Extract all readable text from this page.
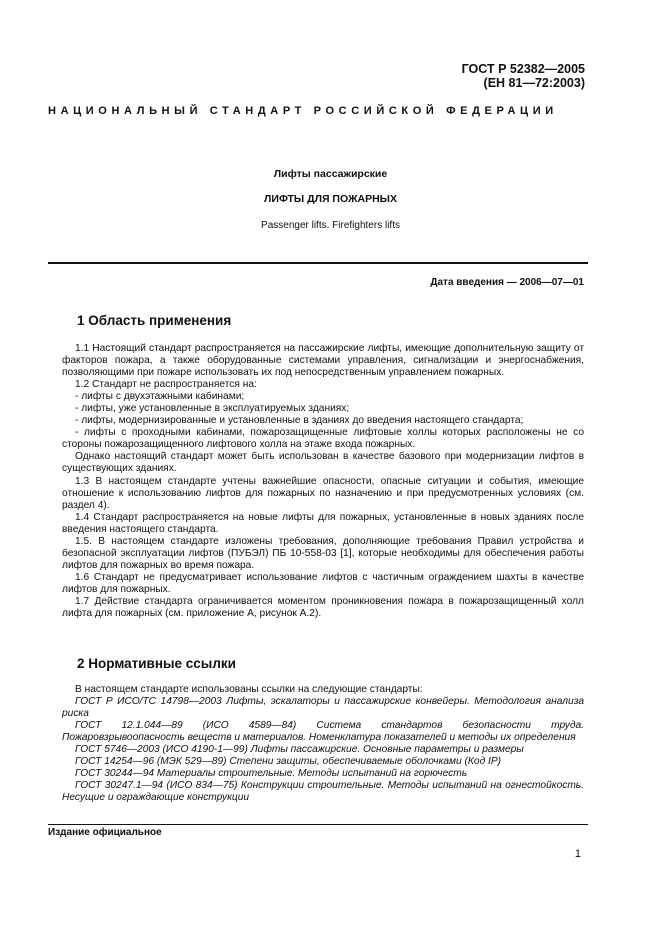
ГОСТ Р 52382—2005
(ЕН 81—72:2003)
НАЦИОНАЛЬНЫЙ СТАНДАРТ РОССИЙСКОЙ ФЕДЕРАЦИИ
Лифты пассажирские
ЛИФТЫ ДЛЯ ПОЖАРНЫХ
Passenger lifts. Firefighters lifts
Дата введения — 2006—07—01
1 Область применения

1.1 Настоящий стандарт распространяется на пассажирские лифты, имеющие дополнительную защиту от факторов пожара, а также оборудованные системами управления, сигнализации и энергоснабжения, позволяющими при пожаре использовать их под непосредственным управлением пожарных.

1.2 Стандарт не распространяется на:

- лифты с двухэтажными кабинами;

- лифты, уже установленные в эксплуатируемых зданиях;

- лифты, модернизированные и установленные в зданиях до введения настоящего стандарта;

- лифты с проходными кабинами, пожарозащищенные лифтовые холлы которых расположены не со стороны пожарозащищенного лифтового холла на этаже входа пожарных.

Однако настоящий стандарт может быть использован в качестве базового при модернизации лифтов в существующих зданиях.

1.3 В настоящем стандарте учтены важнейшие опасности, опасные ситуации и события, имеющие отношение к использованию лифтов для пожарных по назначению и при предусмотренных условиях (см. раздел 4).

1.4 Стандарт распространяется на новые лифты для пожарных, установленные в новых зданиях после введения настоящего стандарта.

1.5. В настоящем стандарте изложены требования, дополняющие требования Правил устройства и безопасной эксплуатации лифтов (ПУБЭЛ) ПБ 10-558-03 [1], которые необходимы для обеспечения работы лифтов для пожарных во время пожара.

1.6 Стандарт не предусматривает использование лифтов с частичным ограждением шахты в качестве лифтов для пожарных.

1.7 Действие стандарта ограничивается моментом проникновения пожара в пожарозащищенный холл лифта для пожарных (см. приложение А, рисунок А.2).

2 Нормативные ссылки

В настоящем стандарте использованы ссылки на следующие стандарты:

ГОСТ Р ИСО/ТС 14798—2003 Лифты, эскалаторы и пассажирские конвейеры. Методология анализа риска

ГОСТ 12.1.044—89 (ИСО 4589—84) Система стандартов безопасности труда. Пожаровзрывоопасность веществ и материалов. Номенклатура показателей и методы их определения

ГОСТ 5746—2003 (ИСО 4190-1—99) Лифты пассажирские. Основные параметры и размеры

ГОСТ 14254—96 (МЭК 529—89) Степени защиты, обеспечиваемые оболочками (Код IP)

ГОСТ 30244—94 Материалы строительные. Методы испытаний на горючесть

ГОСТ 30247.1—94 (ИСО 834—75) Конструкции строительные. Методы испытаний на огнестойкость. Несущие и ограждающие конструкции

Издание официальное
1
